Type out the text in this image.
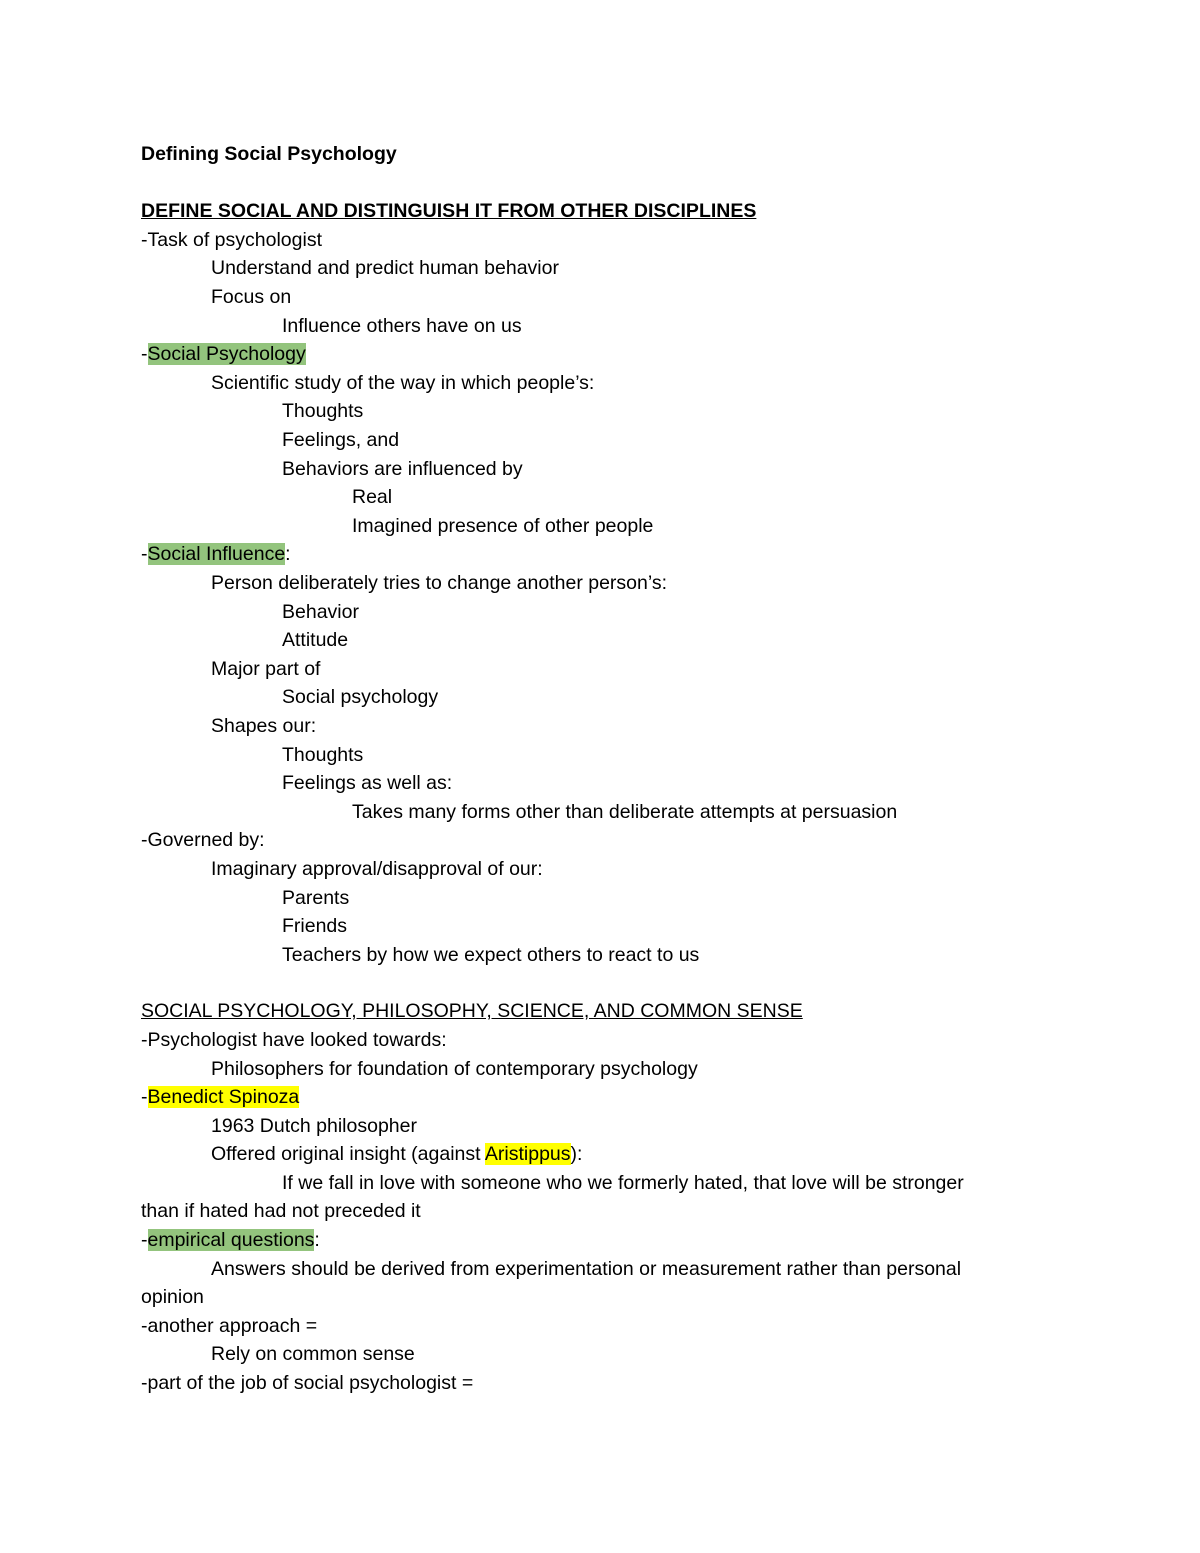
Defining Social Psychology
DEFINE SOCIAL AND DISTINGUISH IT FROM OTHER DISCIPLINES
-Task of psychologist
Understand and predict human behavior
Focus on
Influence others have on us
-Social Psychology
Scientific study of the way in which people’s:
Thoughts
Feelings, and
Behaviors are influenced by
Real
Imagined presence of other people
-Social Influence:
Person deliberately tries to change another person’s:
Behavior
Attitude
Major part of
Social psychology
Shapes our:
Thoughts
Feelings as well as:
Takes many forms other than deliberate attempts at persuasion
-Governed by:
Imaginary approval/disapproval of our:
Parents
Friends
Teachers by how we expect others to react to us
SOCIAL PSYCHOLOGY, PHILOSOPHY, SCIENCE, AND COMMON SENSE
-Psychologist have looked towards:
Philosophers for foundation of contemporary psychology
-Benedict Spinoza
1963 Dutch philosopher
Offered original insight (against Aristippus):
If we fall in love with someone who we formerly hated, that love will be stronger
than if hated had not preceded it
-empirical questions:
Answers should be derived from experimentation or measurement rather than personal
opinion
-another approach =
Rely on common sense
-part of the job of social psychologist =
